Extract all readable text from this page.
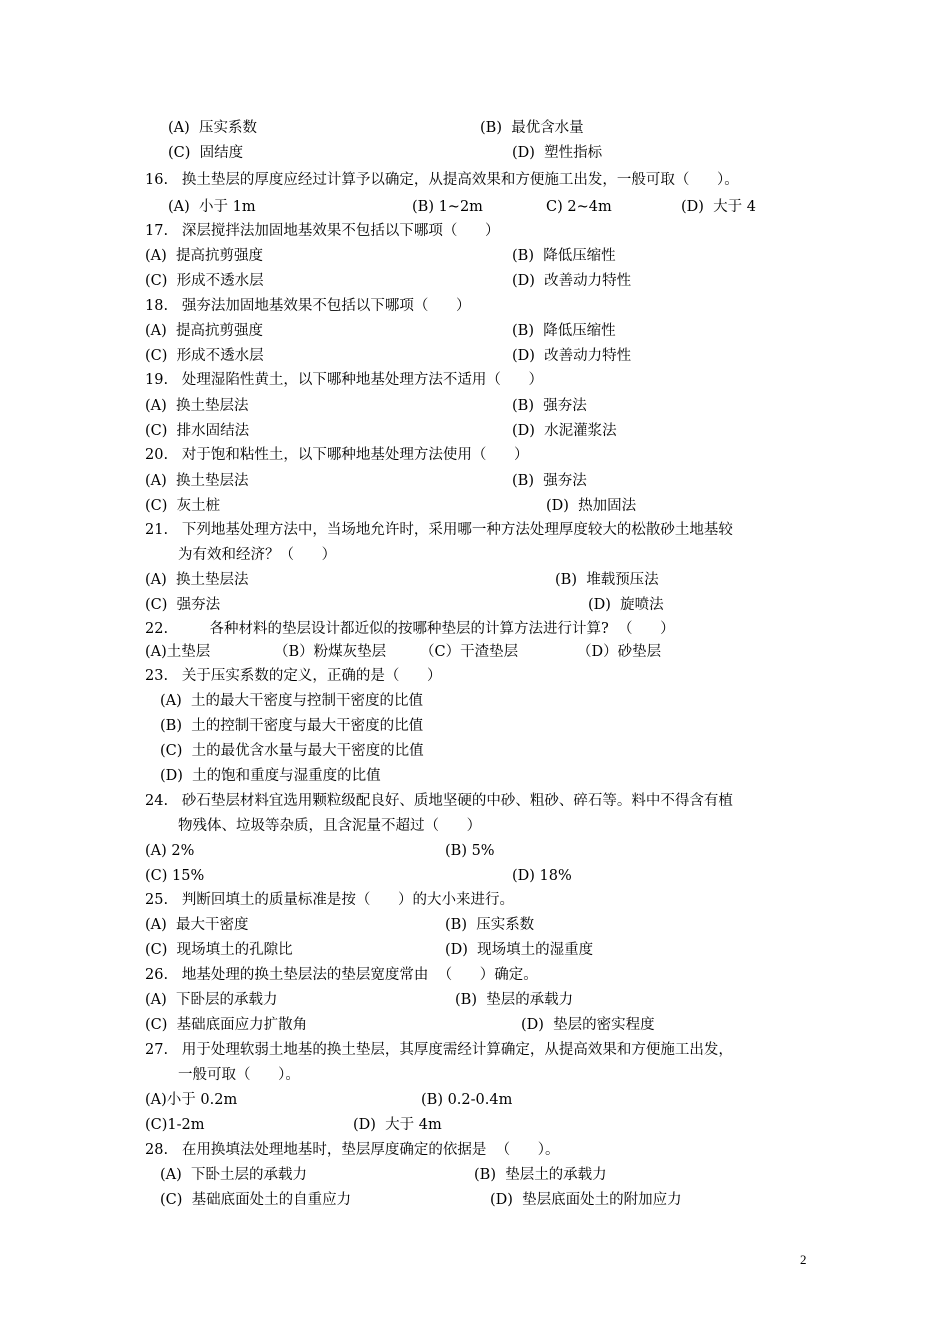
(A)  压实系数	(B)  最优含水量
(C)  固结度	(D)  塑性指标
16.   换土垫层的厚度应经过计算予以确定，从提高效果和方便施工出发，一般可取（      ）。
(A)  小于 1m	(B) 1~2m	C) 2~4m	(D)  大于 4
17.   深层搅拌法加固地基效果不包括以下哪项（      ）
(A)  提高抗剪强度	(B)  降低压缩性
(C)  形成不透水层	(D)  改善动力特性
18.   强夯法加固地基效果不包括以下哪项（      ）
(A)  提高抗剪强度	(B)  降低压缩性
(C)  形成不透水层	(D)  改善动力特性
19.   处理湿陷性黄土，以下哪种地基处理方法不适用（      ）
(A)  换土垫层法	(B)  强夯法
(C)  排水固结法	(D)  水泥灌浆法
20.   对于饱和粘性土，以下哪种地基处理方法使用（      ）
(A)  换土垫层法	(B)  强夯法
(C)  灰土桩	(D)  热加固法
21.   下列地基处理方法中，当场地允许时，采用哪一种方法处理厚度较大的松散砂土地基较
为有效和经济？（      ）
(A)  换土垫层法	(B)  堆载预压法
(C)  强夯法	(D)  旋喷法
22.         各种材料的垫层设计都近似的按哪种垫层的计算方法进行计算?  （      ）
(A)土垫层	（B）粉煤灰垫层 （C）干渣垫层	（D）砂垫层
23.   关于压实系数的定义，正确的是（      ）
(A)  土的最大干密度与控制干密度的比值
(B)  土的控制干密度与最大干密度的比值
(C)  土的最优含水量与最大干密度的比值
(D)  土的饱和重度与湿重度的比值
24.   砂石垫层材料宜选用颗粒级配良好、质地坚硬的中砂、粗砂、碎石等。料中不得含有植
物残体、垃圾等杂质，且含泥量不超过（      ）
(A) 2%	(B) 5%
(C) 15%	(D) 18%
25.   判断回填土的质量标准是按（      ）的大小来进行。
(A)  最大干密度	(B)  压实系数
(C)  现场填土的孔隙比	(D)  现场填土的湿重度
26.   地基处理的换土垫层法的垫层宽度常由  （      ）确定。
(A)  下卧层的承载力	(B)  垫层的承载力
(C)  基础底面应力扩散角	(D)  垫层的密实程度
27.   用于处理软弱土地基的换土垫层，其厚度需经计算确定，从提高效果和方便施工出发，
一般可取（      ）。
(A)小于 0.2m	(B) 0.2-0.4m
(C)1-2m	(D)  大于 4m
28.   在用换填法处理地基时，垫层厚度确定的依据是  （      ）。
(A)  下卧土层的承载力	(B)  垫层土的承载力
(C)  基础底面处土的自重应力	(D)  垫层底面处土的附加应力
2
